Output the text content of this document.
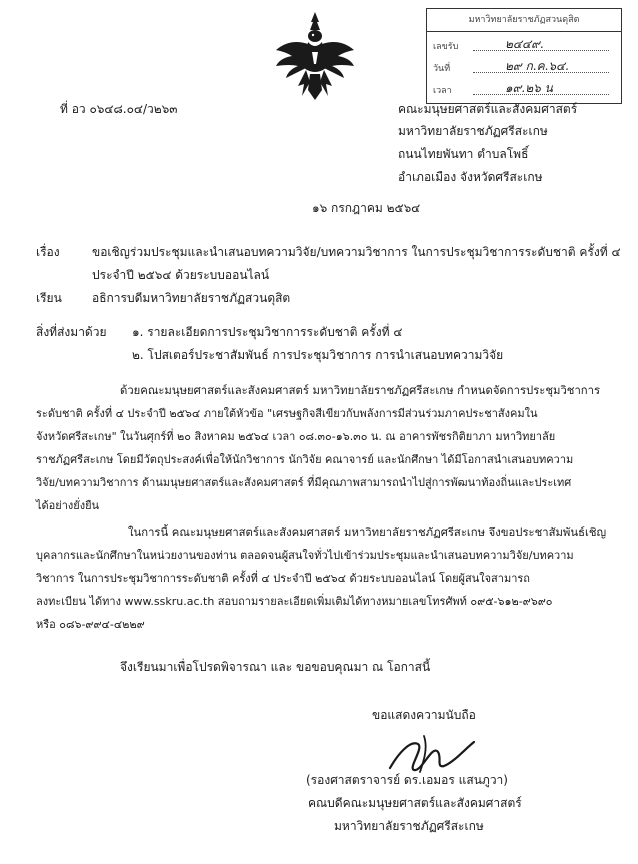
มหาวิทยาลัยราชภัฏสวนดุสิต
เลขรับ	๒๔๔๙.
วันที่	๒๙ ก.ค.๖๔.
เวลา	๑๙.๒๖ น
ที่ อว ๐๖๔๘.๐๔/ว๒๖๓	คณะมนุษยศาสตร์และสังคมศาสตร์
มหาวิทยาลัยราชภัฏศรีสะเกษ
ถนนไทยพันทา ตำบลโพธิ์
อำเภอเมือง จังหวัดศรีสะเกษ
๑๖ กรกฎาคม ๒๕๖๔
เรื่อง	ขอเชิญร่วมประชุมและนำเสนอบทความวิจัย/บทความวิชาการ ในการประชุมวิชาการระดับชาติ ครั้งที่ ๔
ประจำปี ๒๕๖๔ ด้วยระบบออนไลน์
เรียน	อธิการบดีมหาวิทยาลัยราชภัฏสวนดุสิต
สิ่งที่ส่งมาด้วย ๑. รายละเอียดการประชุมวิชาการระดับชาติ ครั้งที่ ๔
๒. โปสเตอร์ประชาสัมพันธ์ การประชุมวิชาการ การนำเสนอบทความวิจัย
ด้วยคณะมนุษยศาสตร์และสังคมศาสตร์ มหาวิทยาลัยราชภัฏศรีสะเกษ กำหนดจัดการประชุมวิชาการ
ระดับชาติ ครั้งที่ ๔ ประจำปี ๒๕๖๔ ภายใต้หัวข้อ "เศรษฐกิจสีเขียวกับพลังการมีส่วนร่วมภาคประชาสังคมใน
จังหวัดศรีสะเกษ" ในวันศุกร์ที่ ๒๐ สิงหาคม ๒๕๖๔ เวลา ๐๘.๓๐-๑๖.๓๐ น. ณ อาคารพัชรกิติยาภา มหาวิทยาลัย
ราชภัฏศรีสะเกษ โดยมีวัตถุประสงค์เพื่อให้นักวิชาการ นักวิจัย คณาจารย์ และนักศึกษา ได้มีโอกาสนำเสนอบทความ
วิจัย/บทความวิชาการ ด้านมนุษยศาสตร์และสังคมศาสตร์ ที่มีคุณภาพสามารถนำไปสู่การพัฒนาท้องถิ่นและประเทศ
ได้อย่างยั่งยืน
ในการนี้ คณะมนุษยศาสตร์และสังคมศาสตร์ มหาวิทยาลัยราชภัฏศรีสะเกษ จึงขอประชาสัมพันธ์เชิญ
บุคลากรและนักศึกษาในหน่วยงานของท่าน ตลอดจนผู้สนใจทั่วไปเข้าร่วมประชุมและนำเสนอบทความวิจัย/บทความ
วิชาการ ในการประชุมวิชาการระดับชาติ ครั้งที่ ๔ ประจำปี ๒๕๖๔ ด้วยระบบออนไลน์ โดยผู้สนใจสามารถ
ลงทะเบียน ได้ทาง www.sskru.ac.th สอบถามรายละเอียดเพิ่มเติมได้ทางหมายเลขโทรศัพท์ ๐๙๕-๖๑๒-๙๖๙๐
หรือ ๐๘๖-๙๙๔-๔๒๒๙
จึงเรียนมาเพื่อโปรดพิจารณา และ ขอขอบคุณมา ณ โอกาสนี้
ขอแสดงความนับถือ
(รองศาสตราจารย์ ดร.เอมอร แสนภูวา)
คณบดีคณะมนุษยศาสตร์และสังคมศาสตร์
มหาวิทยาลัยราชภัฏศรีสะเกษ
